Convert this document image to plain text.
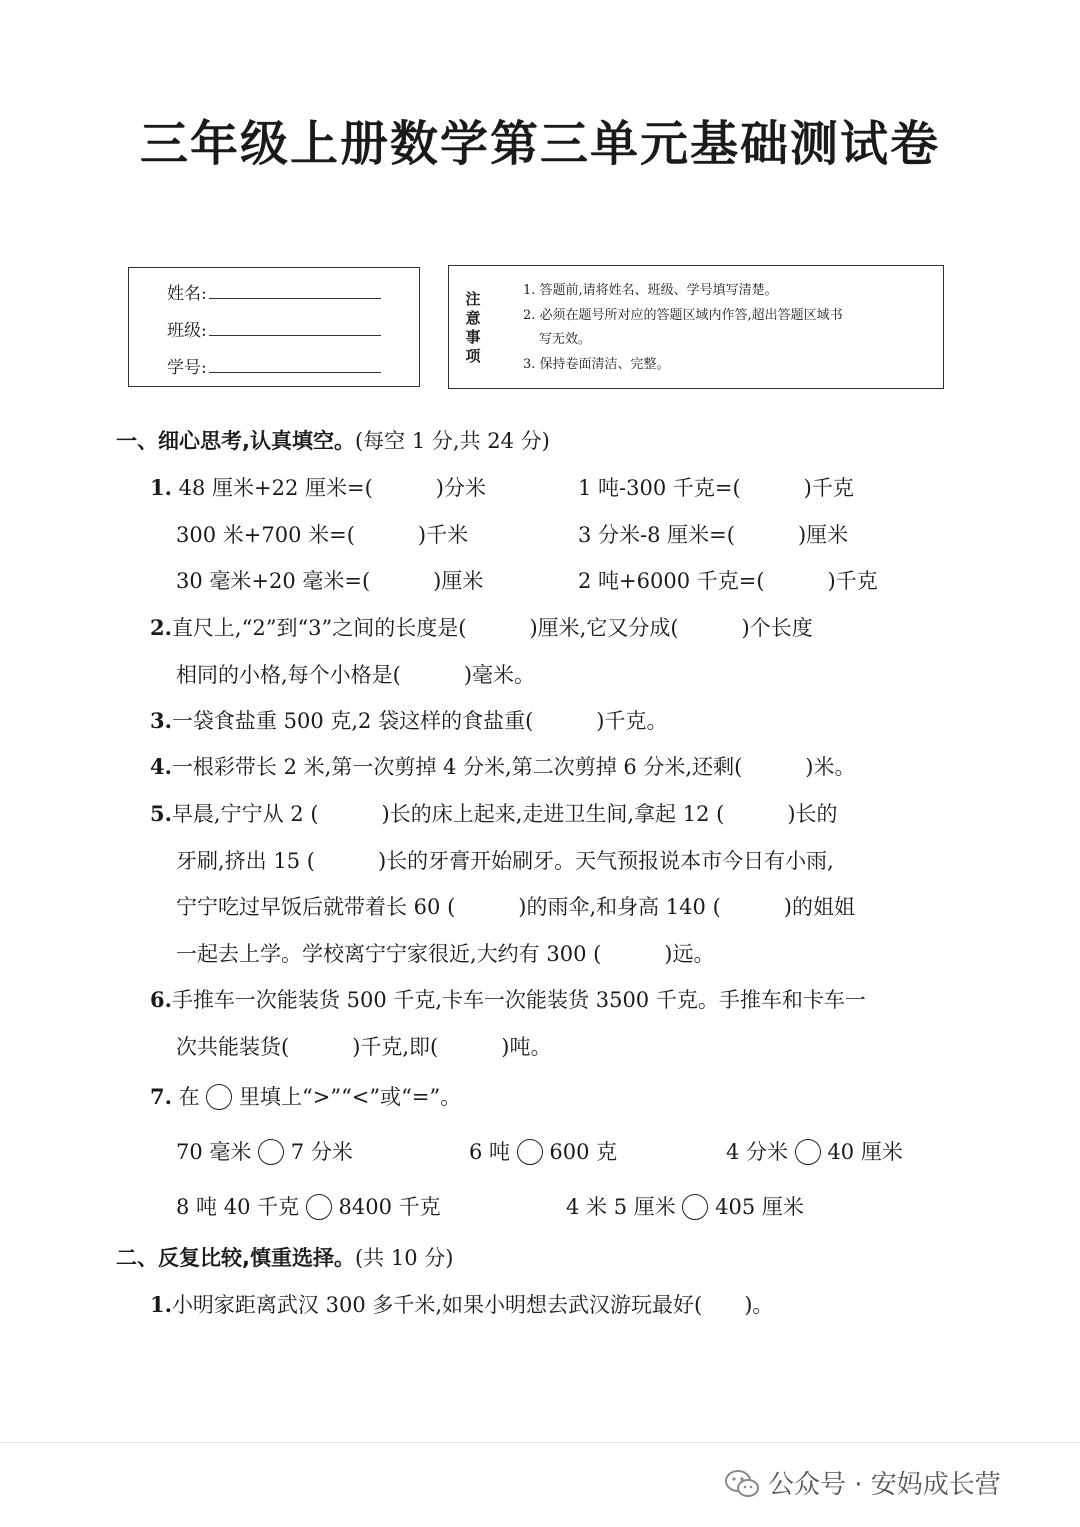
三年级上册数学第三单元基础测试卷
姓名:
班级:
学号:
注
意
事
项
1. 答题前,请将姓名、班级、学号填写清楚。
2. 必须在题号所对应的答题区域内作答,超出答题区域书
写无效。
3. 保持卷面清洁、完整。
一、细心思考,认真填空。(每空 1 分,共 24 分)
1. 48 厘米+22 厘米=(　　　)分米	1 吨-300 千克=(　　　)千克
300 米+700 米=(　　　)千米	3 分米-8 厘米=(　　　)厘米
30 毫米+20 毫米=(　　　)厘米	2 吨+6000 千克=(　　　)千克
2.直尺上,“2”到“3”之间的长度是(　　　)厘米,它又分成(　　　)个长度
相同的小格,每个小格是(　　　)毫米。
3.一袋食盐重 500 克,2 袋这样的食盐重(　　　)千克。
4.一根彩带长 2 米,第一次剪掉 4 分米,第二次剪掉 6 分米,还剩(　　　)米。
5.早晨,宁宁从 2 (　　　)长的床上起来,走进卫生间,拿起 12 (　　　)长的
牙刷,挤出 15 (　　　)长的牙膏开始刷牙。天气预报说本市今日有小雨,
宁宁吃过早饭后就带着长 60 (　　　)的雨伞,和身高 140 (　　　)的姐姐
一起去上学。学校离宁宁家很近,大约有 300 (　　　)远。
6.手推车一次能装货 500 千克,卡车一次能装货 3500 千克。手推车和卡车一
次共能装货(　　　)千克,即(　　　)吨。
7. 在 里填上“>”“<”或“=”。
70 毫米 7 分米	6 吨 600 克	4 分米 40 厘米
8 吨 40 千克 8400 千克	4 米 5 厘米 405 厘米
二、反复比较,慎重选择。(共 10 分)
1.小明家距离武汉 300 多千米,如果小明想去武汉游玩最好(　　)。
公众号 · 安妈成长营
